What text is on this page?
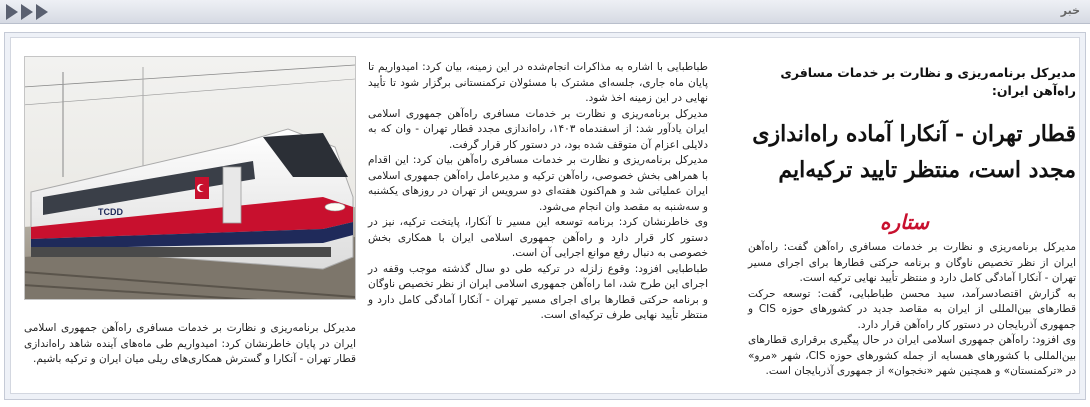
خبر
مدیرکل برنامه‌ریزی و نظارت بر خدمات مسافری راه‌آهن ایران:
قطار تهران - آنکارا آماده راه‌اندازی مجدد است، منتظر تایید ترکیه‌ایم
ستاره

مدیرکل برنامه‌ریزی و نظارت بر خدمات مسافری راه‌آهن گفت: راه‌آهن ایران از نظر تخصیص ناوگان و برنامه حرکتی قطارها برای اجرای مسیر تهران - آنکارا آمادگی کامل دارد و منتظر تأیید نهایی ترکیه است.

به گزارش اقتصادسرآمد، سید محسن طباطبایی، گفت: توسعه حرکت قطارهای بین‌المللی از ایران به مقاصد جدید در کشورهای حوزه CIS و جمهوری آذربایجان در دستور کار راه‌آهن قرار دارد.

وی افزود: راه‌آهن جمهوری اسلامی ایران در حال پیگیری برقراری قطارهای بین‌المللی با کشورهای همسایه از جمله کشورهای حوزه CIS، شهر «مرو» در «ترکمنستان» و همچنین شهر «نخجوان» از جمهوری آذربایجان است.

طباطبایی با اشاره به مذاکرات انجام‌شده در این زمینه، بیان کرد: امیدواریم تا پایان ماه جاری، جلسه‌ای مشترک با مسئولان ترکمنستانی برگزار شود تا تأیید نهایی در این زمینه اخذ شود.

مدیرکل برنامه‌ریزی و نظارت بر خدمات مسافری راه‌آهن جمهوری اسلامی ایران یادآور شد: از اسفندماه ۱۴۰۳، راه‌اندازی مجدد قطار تهران - وان که به دلایلی اعزام آن متوقف شده بود، در دستور کار قرار گرفت.

مدیرکل برنامه‌ریزی و نظارت بر خدمات مسافری راه‌آهن بیان کرد: این اقدام با همراهی بخش خصوصی، راه‌آهن ترکیه و مدیرعامل راه‌آهن جمهوری اسلامی ایران عملیاتی شد و هم‌اکنون هفته‌ای دو سرویس از تهران در روزهای یکشنبه و سه‌شنبه به مقصد وان انجام می‌شود.

وی خاطرنشان کرد: برنامه توسعه این مسیر تا آنکارا، پایتخت ترکیه، نیز در دستور کار قرار دارد و راه‌آهن جمهوری اسلامی ایران با همکاری بخش خصوصی به دنبال رفع موانع اجرایی آن است.

طباطبایی افزود: وقوع زلزله در ترکیه طی دو سال گذشته موجب وقفه در اجرای این طرح شد، اما راه‌آهن جمهوری اسلامی ایران از نظر تخصیص ناوگان و برنامه حرکتی قطارها برای اجرای مسیر تهران - آنکارا آمادگی کامل دارد و منتظر تأیید نهایی طرف ترکیه‌ای است.

TCDD

مدیرکل برنامه‌ریزی و نظارت بر خدمات مسافری راه‌آهن جمهوری اسلامی ایران در پایان خاطرنشان کرد: امیدواریم طی ماه‌های آینده شاهد راه‌اندازی قطار تهران - آنکارا و گسترش همکاری‌های ریلی میان ایران و ترکیه باشیم.
